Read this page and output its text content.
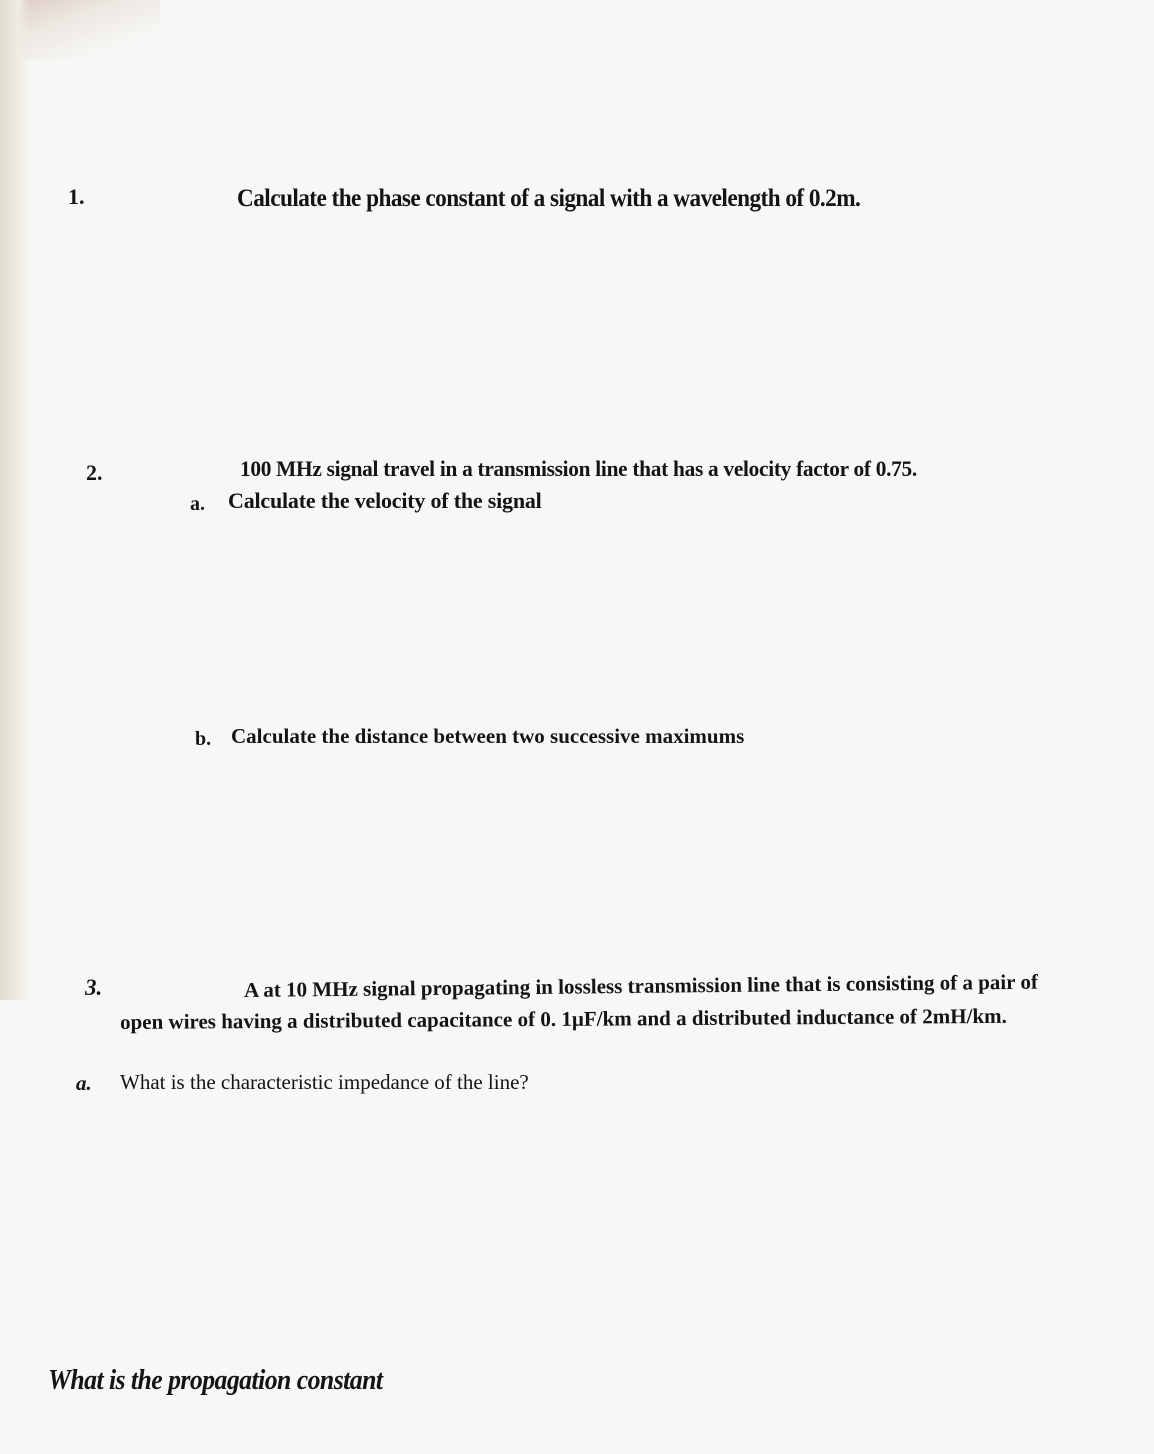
1.	Calculate the phase constant of a signal with a wavelength of 0.2m.
2.	100 MHz signal travel in a transmission line that has a velocity factor of 0.75.
a. Calculate the velocity of the signal
b. Calculate the distance between two successive maximums
3.	A at 10 MHz signal propagating in lossless transmission line that is consisting of a pair of
open wires having a distributed capacitance of 0. 1µF/km and a distributed inductance of 2mH/km.
a. What is the characteristic impedance of the line?
What is the propagation constant
